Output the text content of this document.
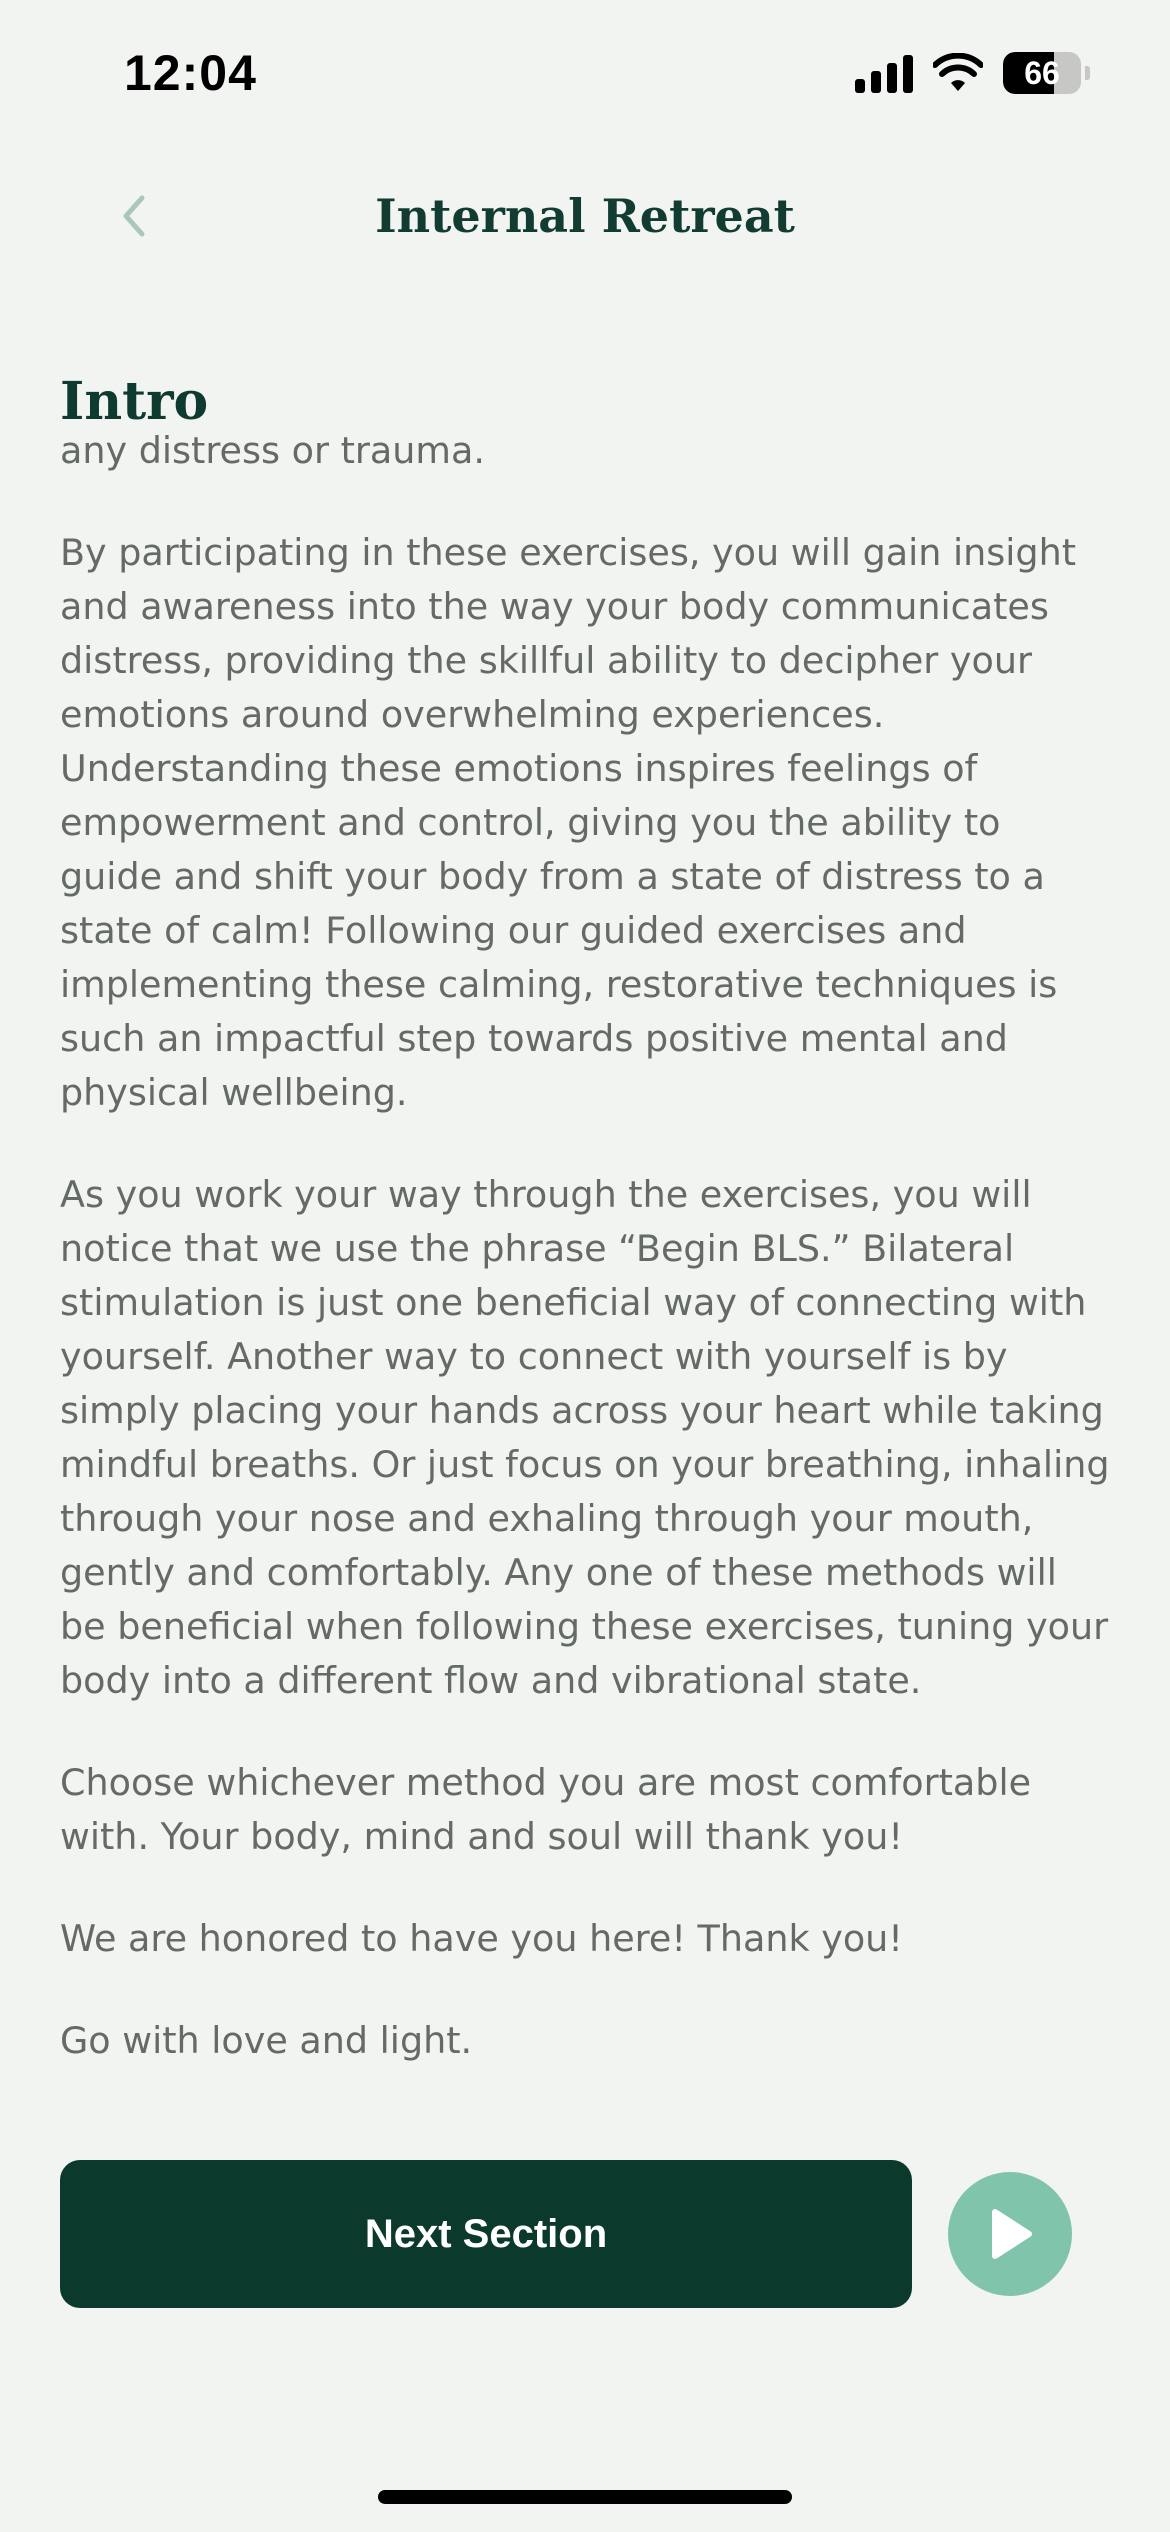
12:04	66
Internal Retreat
Intro

any distress or trauma.

By participating in these exercises, you will gain insight and awareness into the way your body communicates distress, providing the skillful ability to decipher your emotions around overwhelming experiences. Understanding these emotions inspires feelings of empowerment and control, giving you the ability to guide and shift your body from a state of distress to a state of calm! Following our guided exercises and implementing these calming, restorative techniques is such an impactful step towards positive mental and physical wellbeing.

As you work your way through the exercises, you will notice that we use the phrase “Begin BLS.” Bilateral stimulation is just one beneficial way of connecting with yourself. Another way to connect with yourself is by simply placing your hands across your heart while taking mindful breaths. Or just focus on your breathing, inhaling through your nose and exhaling through your mouth, gently and comfortably. Any one of these methods will be beneficial when following these exercises, tuning your body into a different flow and vibrational state.

Choose whichever method you are most comfortable with. Your body, mind and soul will thank you!

We are honored to have you here! Thank you!

Go with love and light.

Next Section
